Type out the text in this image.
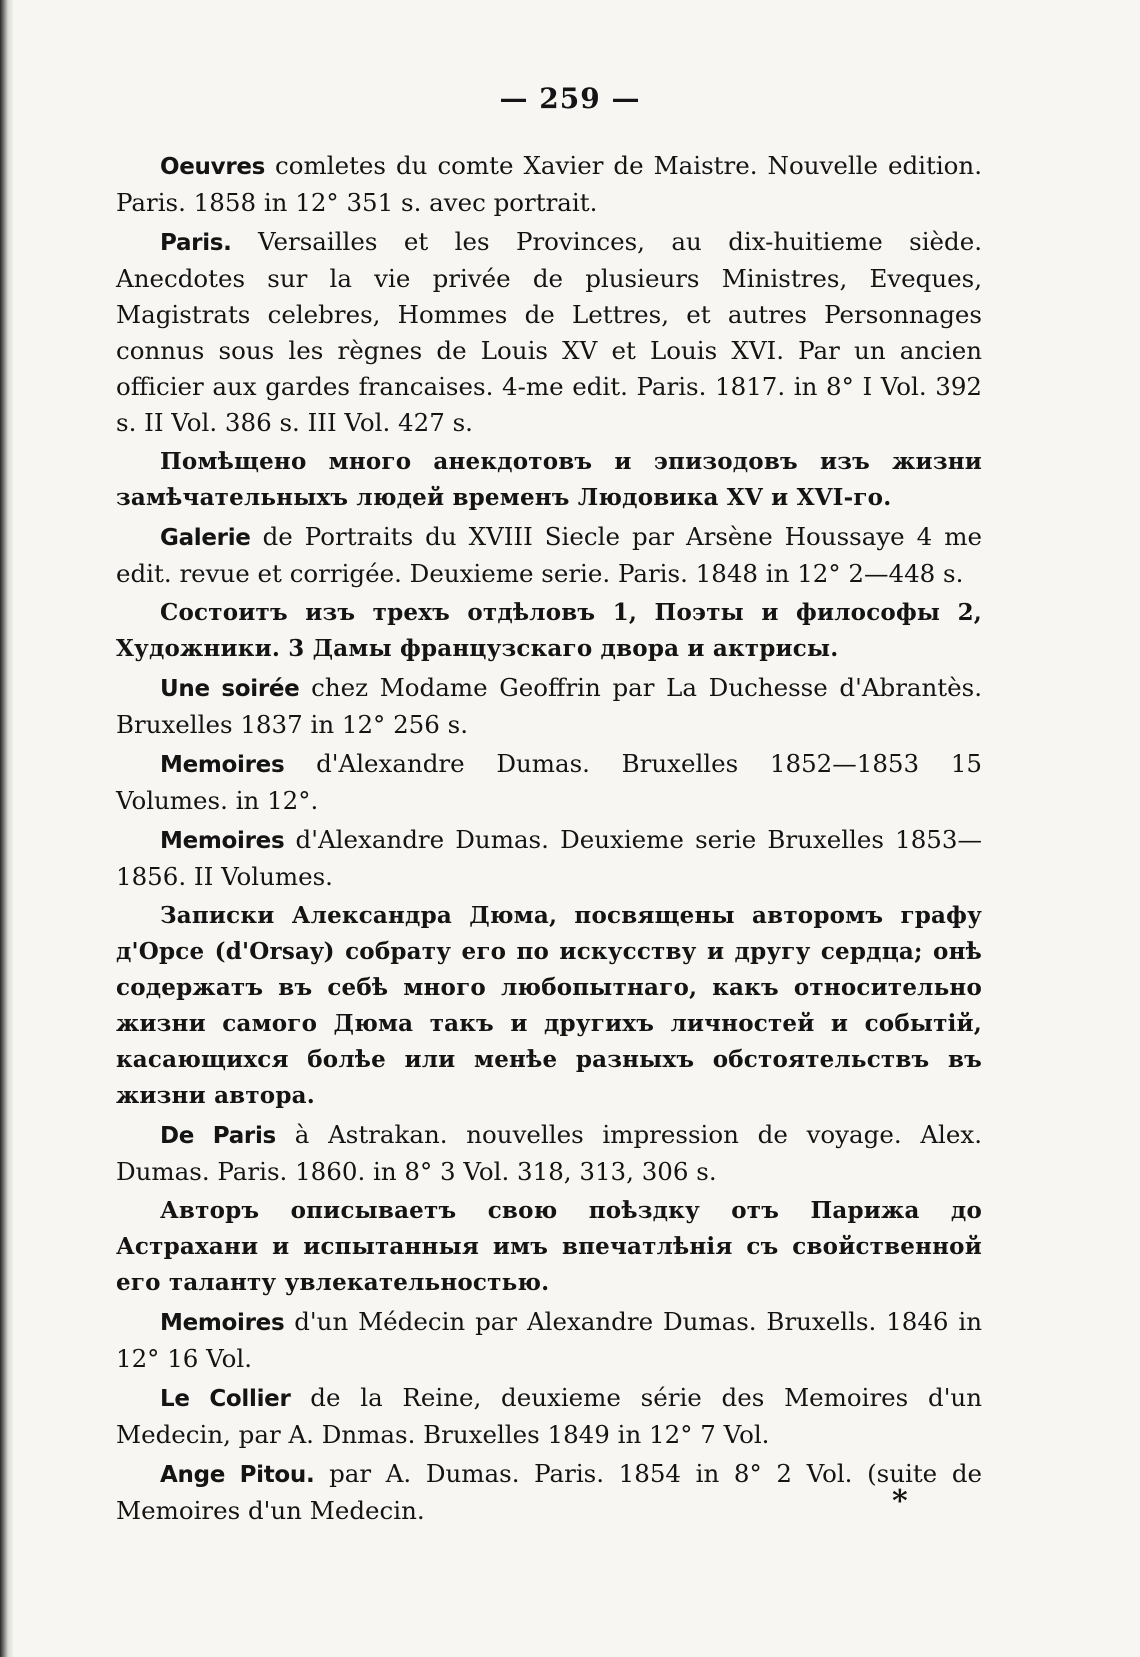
— 259 —

Oeuvres comletes du comte Xavier de Maistre. Nouvelle edition. Paris. 1858 in 12° 351 s. avec portrait.

Paris. Versailles et les Provinces, au dix-huitieme siède. Anecdotes sur la vie privée de plusieurs Ministres, Eveques, Magistrats celebres, Hommes de Lettres, et autres Personnages connus sous les règnes de Louis XV et Louis XVI. Par un ancien officier aux gardes francaises. 4-me edit. Paris. 1817. in 8° I Vol. 392 s. II Vol. 386 s. III Vol. 427 s.

Помѣщено много анекдотовъ и эпизодовъ изъ жизни замѣчательныхъ людей временъ Людовика XV и XVI-го.

Galerie de Portraits du XVIII Siecle par Arsène Houssaye 4 me edit. revue et corrigée. Deuxieme serie. Paris. 1848 in 12° 2—448 s.

Состоитъ изъ трехъ отдѣловъ 1, Поэты и философы 2, Художники. 3 Дамы французскаго двора и актрисы.

Une soirée chez Modame Geoffrin par La Duchesse d'Abrantès. Bruxelles 1837 in 12° 256 s.

Memoires d'Alexandre Dumas. Bruxelles 1852—1853 15 Volumes. in 12°.

Memoires d'Alexandre Dumas. Deuxieme serie Bruxelles 1853—1856. II Volumes.

Записки Александра Дюма, посвящены авторомъ графу д'Орсе (d'Orsay) собрату его по искусству и другу сердца; онѣ содержатъ въ себѣ много любопытнаго, какъ относительно жизни самого Дюма такъ и другихъ личностей и событій, касающихся болѣе или менѣе разныхъ обстоятельствъ въ жизни автора.

De Paris à Astrakan. nouvelles impression de voyage. Alex. Dumas. Paris. 1860. in 8° 3 Vol. 318, 313, 306 s.

Авторъ описываетъ свою поѣздку отъ Парижа до Астрахани и испытанныя имъ впечатлѣнія съ свойственной его таланту увлекательностью.

Memoires d'un Médecin par Alexandre Dumas. Bruxells. 1846 in 12° 16 Vol.

Le Collier de la Reine, deuxieme série des Memoires d'un Medecin, par A. Dnmas. Bruxelles 1849 in 12° 7 Vol.

Ange Pitou. par A. Dumas. Paris. 1854 in 8° 2 Vol. (suite de Memoires d'un Medecin.	*
